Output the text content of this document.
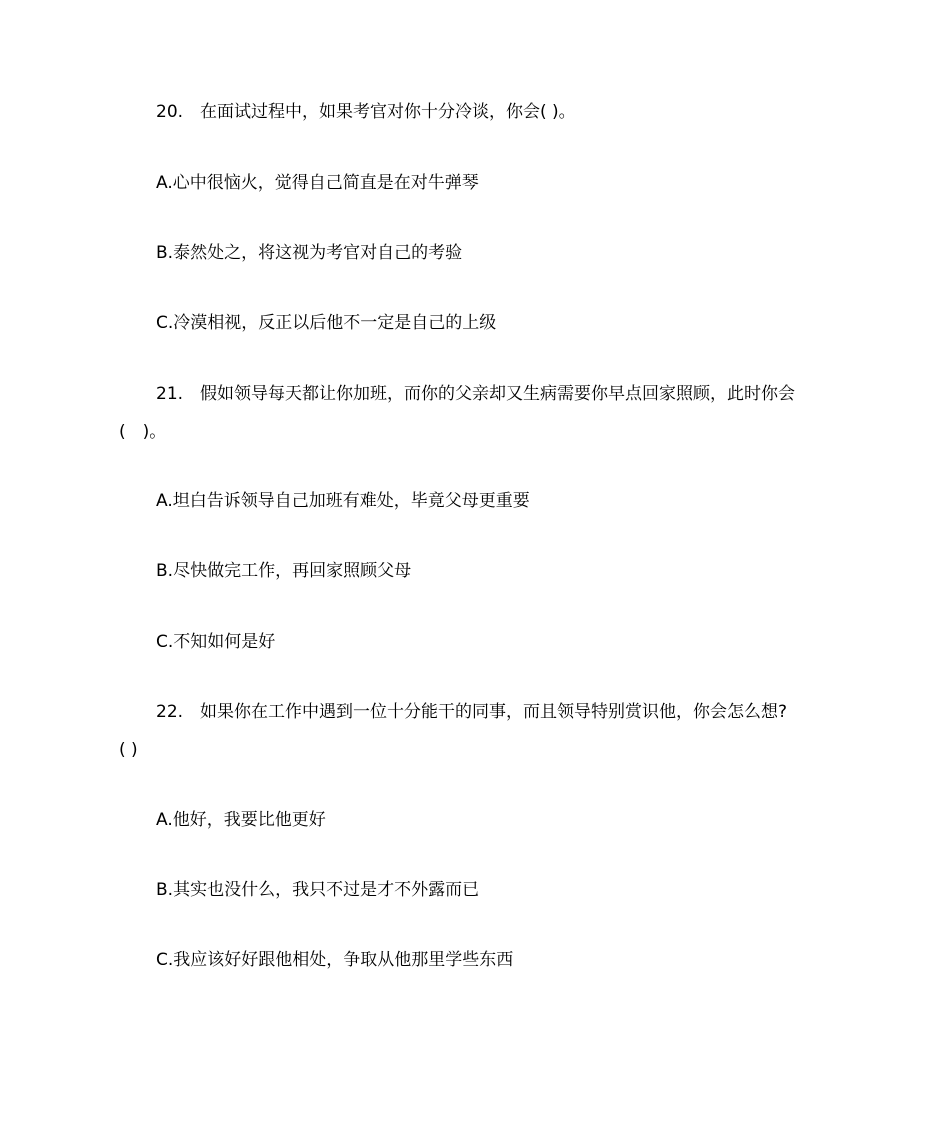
20. 在面试过程中，如果考官对你十分冷谈，你会( )。
A.心中很恼火，觉得自己简直是在对牛弹琴
B.泰然处之，将这视为考官对自己的考验
C.冷漠相视，反正以后他不一定是自己的上级
21. 假如领导每天都让你加班，而你的父亲却又生病需要你早点回家照顾，此时你会
(　)。
A.坦白告诉领导自己加班有难处，毕竟父母更重要
B.尽快做完工作，再回家照顾父母
C.不知如何是好
22. 如果你在工作中遇到一位十分能干的同事，而且领导特别赏识他，你会怎么想?
( )
A.他好，我要比他更好
B.其实也没什么，我只不过是才不外露而已
C.我应该好好跟他相处，争取从他那里学些东西
